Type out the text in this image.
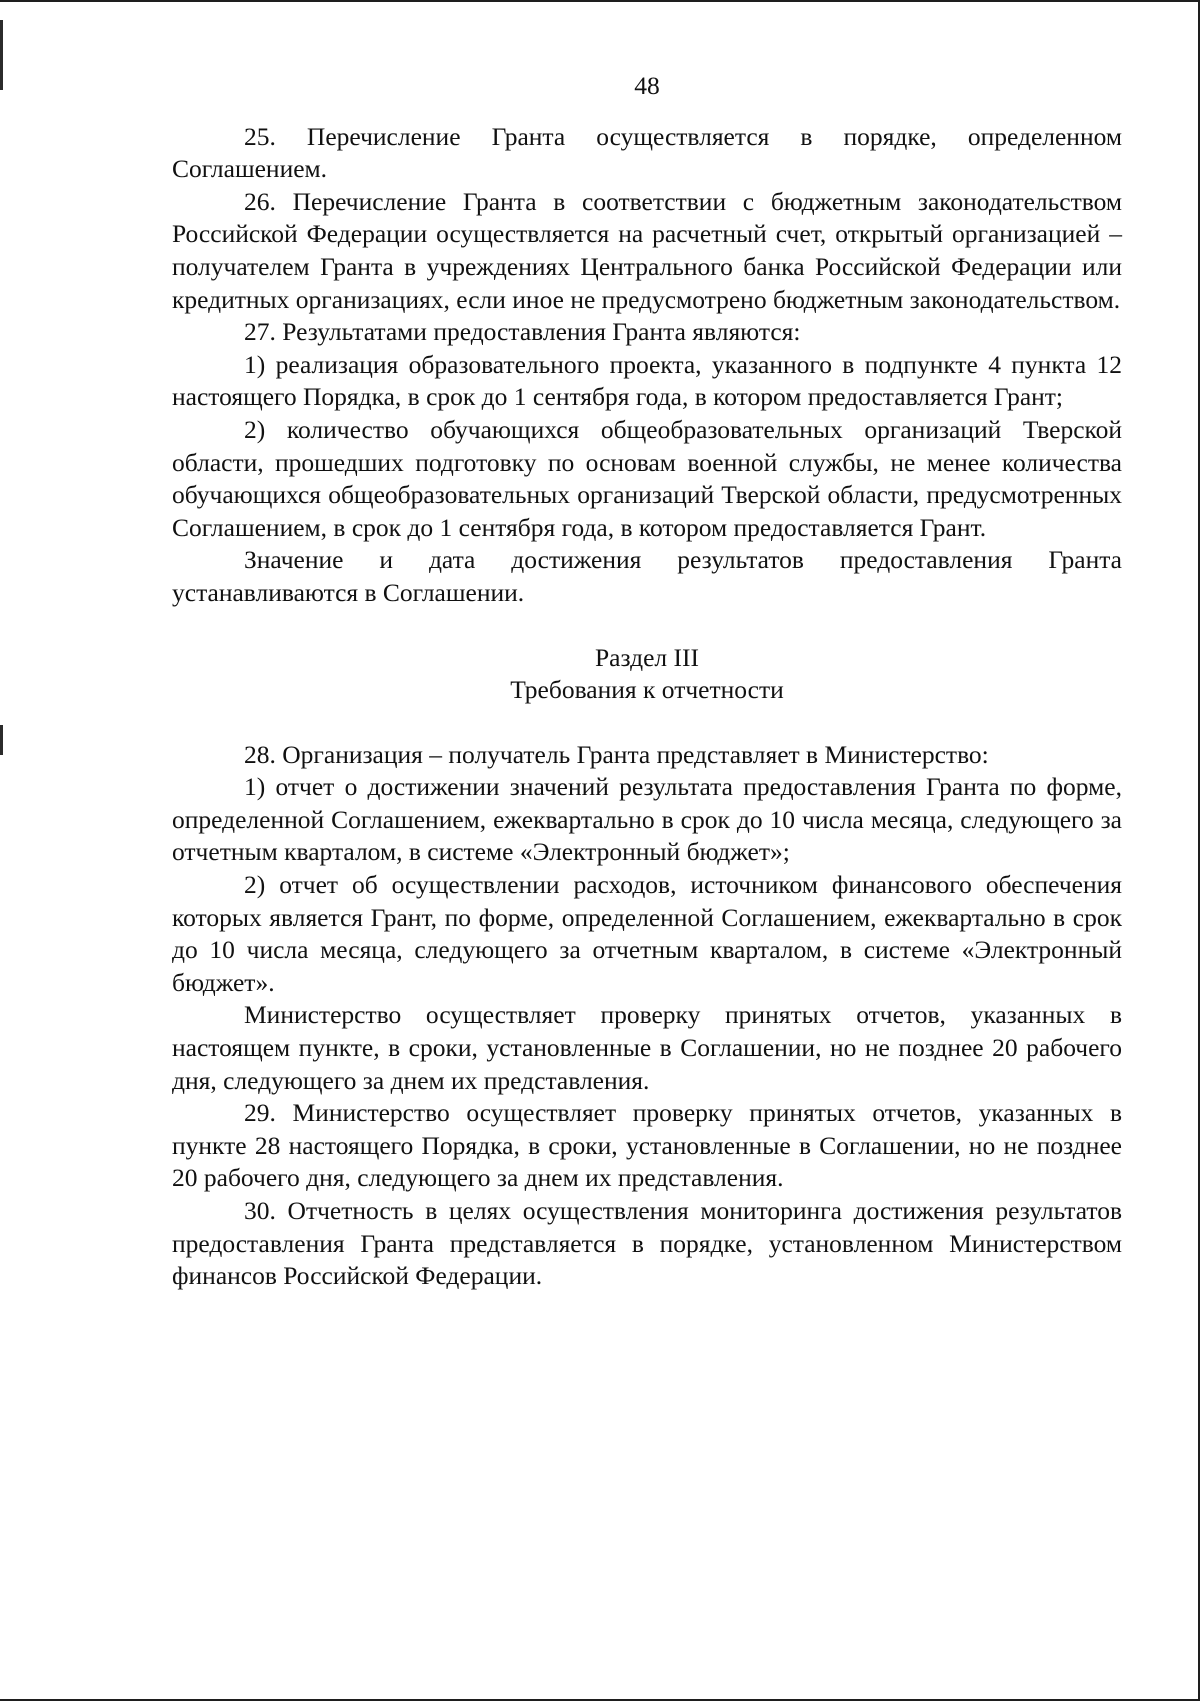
48

25. Перечисление Гранта осуществляется в порядке, определенном Соглашением.

26. Перечисление Гранта в соответствии с бюджетным законодательством Российской Федерации осуществляется на расчетный счет, открытый организацией – получателем Гранта в учреждениях Центрального банка Российской Федерации или кредитных организациях, если иное не предусмотрено бюджетным законодательством.

27. Результатами предоставления Гранта являются:

1) реализация образовательного проекта, указанного в подпункте 4 пункта 12 настоящего Порядка, в срок до 1 сентября года, в котором предоставляется Грант;

2) количество обучающихся общеобразовательных организаций Тверской области, прошедших подготовку по основам военной службы, не менее количества обучающихся общеобразовательных организаций Тверской области, предусмотренных Соглашением, в срок до 1 сентября года, в котором предоставляется Грант.

Значение и дата достижения результатов предоставления Гранта устанавливаются в Соглашении.

Раздел III

Требования к отчетности

28. Организация – получатель Гранта представляет в Министерство:

1) отчет о достижении значений результата предоставления Гранта по форме, определенной Соглашением, ежеквартально в срок до 10 числа месяца, следующего за отчетным кварталом, в системе «Электронный бюджет»;

2) отчет об осуществлении расходов, источником финансового обеспечения которых является Грант, по форме, определенной Соглашением, ежеквартально в срок до 10 числа месяца, следующего за отчетным кварталом, в системе «Электронный бюджет».

Министерство осуществляет проверку принятых отчетов, указанных в настоящем пункте, в сроки, установленные в Соглашении, но не позднее 20 рабочего дня, следующего за днем их представления.

29. Министерство осуществляет проверку принятых отчетов, указанных в пункте 28 настоящего Порядка, в сроки, установленные в Соглашении, но не позднее 20 рабочего дня, следующего за днем их представления.

30. Отчетность в целях осуществления мониторинга достижения результатов предоставления Гранта представляется в порядке, установленном Министерством финансов Российской Федерации.
